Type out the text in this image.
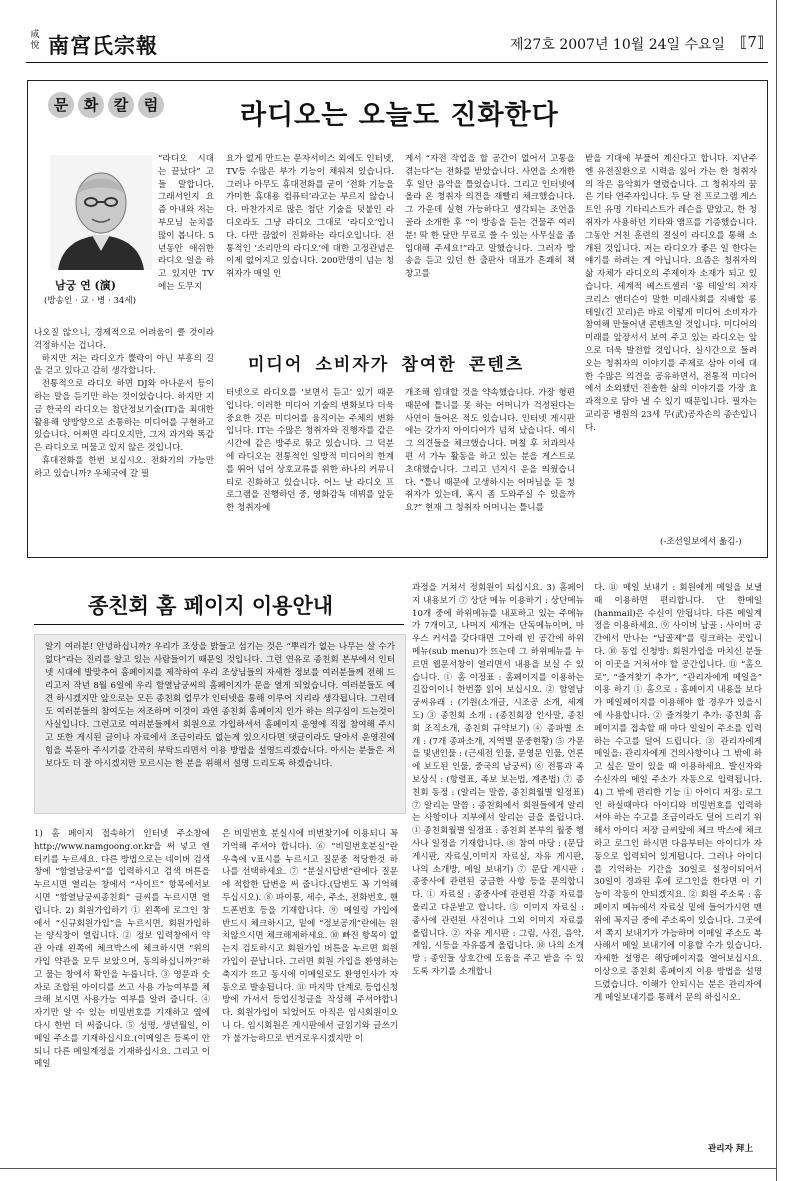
咸
悅 南宮氏宗報	제27호 2007년 10월 24일 수요일 ⟦7⟧
문 화 칼 럼	라디오는 오늘도 진화한다
남궁 연 (演)
(방송인 · 교 · 병 · 34세)

“라디오 시대는 끝났다” 고들 말합니다. 그래서인지 요즘 아내와 저는 부모님 눈치를 많이 봅니다. 5년동안 애쉬한 라디오 일을 하고 있지만 TV에는 도무지

나오질 않으니, 경제적으로 어려움이 클 것이라 걱정하시는 겁니다.

하지만 저는 라디오가 뿔락이 아닌 부흥의 길을 걷고 있다고 감히 생각합니다.

전통적으로 라디오 하면 DJ와 아나운서 등이 하는 말을 듣기만 하는 것이었습니다. 하지만 지금 한국의 라디오는 첨단정보기술(IT)을 최대한 활용해 양방향으로 소통하는 미디어를 구현하고 있습니다. 어쩌면 라디오지만, 그저 과거와 똑같은 라디오로 머물고 있지 않은 것입니다.

휴대전화를 한번 보십시오. 전화기의 가능만 하고 있습니까? 우체국에 갈 필

요가 없게 만드는 문자서비스 외에도 인터넷, TV등 수많은 부가 기능이 채워져 있습니다. 그러나 아무도 휴대전화를 굳이 ‘전화 기능을 가미한 휴대용 컴퓨터’라고는 부르지 않습니다. 마찬가지로 많은 첨단 기술을 덧붙인 라디오라도 그냥 라디오 그대로 ‘라디오’입니다. 다만 끊없이 진화하는 라디오입니다. 전통적인 ‘소리만의 라디오’에 대한 고정관념은 이제 없어지고 있습니다. 200만명이 넘는 청취자가 매일 인

게서 “자전 작업을 할 공간이 없어서 고통을 겪는다”는 전화를 받았습니다. 사연을 소개한 후 일단 음악을 틀었습니다. 그리고 인터넷에 올라 온 청취자 의견을 재빨리 체크했습니다. 그 가운데 실현 가능하다고 생각되는 조언을 골라 소개한 후 “이 방송을 듣는 건물주 여러분! 딱 한 달만 무료로 쓸 수 있는 사무실을 좀 임대해 주세요!”라고 말했습니다. 그러자 방송을 듣고 있던 한 출판사 대표가 흔쾌히 책 창고를

미디어 소비자가 참여한 콘텐츠

터넷으로 라디오를 ‘보면서 듣고’ 있기 때문입니다. 이러한 미디어 기술의 변화보다 더욱 중요한 것은 미디어를 움직이는 주체의 변화입니다. IT는 수많은 청취자와 진행자를 같은 시간에 같은 방주로 묶고 있습니다. 그 덕분에 라디오는 전통적인 일방적 미디어의 한계를 뛰어 넘어 상호교류를 위한 하나의 커뮤니티로 진화하고 있습니다. 어느 날 라디오 프로그램을 진행하던 중, 영화감독 데뷔를 앞둔 한 청취자에

개조해 임대할 것을 약속했습니다. 가장 형편 때문에 틀니를 못 하는 어머니가 걱정된다는 사연이 들어온 적도 있습니다. 인터넷 게시판에는 갖가지 아이디어가 넘쳐 났습니다. 예시 그 의견들을 체크했습니다. 며칠 후 치과의사편 서 가누 활동을 하고 있는 분을 게스트로 초대했습니다. 그리고 넌지시 운을 띄웠습니다. “틀니 때문에 고생하시는 어머님을 둔 청취자가 있는데, 혹시 좀 도와주실 수 있을까요?” 현재 그 청취자 어머니는 틀니를

받을 기대에 부풀어 계신다고 합니다. 지난주엔 유전질환으로 시력을 잃어 가는 한 청취자의 작은 음악회가 열렸습니다. 그 청취자의 꿈은 기타 연주자입니다. 두 달 전 프로그램 게스트인 유명 기타리스트가 레슨을 맡았고, 한 청취자가 사용하던 기타와 앰프를 기증했습니다. 그동안 거친 훈련의 결실이 라디오를 통해 소개된 것입니다. 저는 라디오가 좋은 일 한다는 얘기를 하려는 게 아닙니다. 요즘은 청취자의 삶 자체가 라디오의 주제이자 소재가 되고 있습니다. 세계적 베스트셀러 ‘롱 테일’의 저자 크리스 앤더슨이 말한 미래사회를 지배할 롱 테일(긴 꼬리)은 바로 이렇게 미디어 소비자가 참여해 만들어낸 콘텐츠일 것입니다. 미디어의 미래를 앞장서서 보여 주고 있는 라디오는 앞으로 더욱 발전할 것입니다. 실시간으로 들려오는 청취자의 이야기를 주제로 삼아 이에 대한 수많은 의견을 공유하면서, 전통적 미디어에서 소외됐던 진솔한 삶의 이야기를 가장 효과적으로 담아 낼 수 있기 때문입니다. 필자는 교리공 병원의 23세 무(武)공자손의 종손입니다.

(-조선일보에서 옮김-)
종친회 홈 페이지 이용안내

알기 여러분! 안녕하십니까? 우리가 조상을 밝들고 섬기는 것은 “뿌리가 없는 나무는 살 수가 없다”라는 진리를 알고 있는 사람들이기 때문일 것입니다. 그런 연유로 종친회 본부에서 인터넷 시대에 발맞추어 홈페이지를 제작하여 우리 조상님들의 자세한 정보를 여러분들께 전해 드리고저 작년 8월 6일에 우리 함열남궁씨의 홈페이지가 문을 열게 되었습니다. 여러분들도 예견 하시겠지만 앞으로는 모든 종친회 업무가 인터넷을 통해 이루어 지리라 생각됩니다. 그런데도 여러분들의 참여도는 저조하며 이것이 과연 종친회 홈페이지 인가 하는 의구심이 드는것이 사실입니다. 그런고로 여러분들께서 회원으로 가입하셔서 홈페이지 운영에 직접 참여해 주시고 또한 게시된 글이나 자료에서 조금이라도 없는게 있으시다면 댓글이라도 달아서 운영진에 힘을 북돋아 주시기를 간곡히 부탁드리면서 이용 방법을 설명드리겠습니다. 아시는 분들은 저보다도 더 잘 아시겠지만 모르시는 한 분을 위해서 설명 드리도록 하겠습니다.

1) 홈 페이지 접속하기 인터넷 주소창에 http://www.namgoong.or.kr을 써 넣고 엔터키를 누르세요. 다른 방법으로는 네이버 검색창에 “함열남궁씨”를 입력하시고 검색 버튼을 누르시면 열리는 창에서 “사이트” 항목에서보시면 “함열남궁씨종친회” 글씨를 누르시면 열립니다. 2) 회원가입하기 ① 왼쪽에 로그인 창에서 “신규회원가입”을 누르시면, 회원가입하는 양식창이 열립니다. ② 정보 입력창에서 약관 아래 왼쪽에 체크박스에 체크하시면 “위의 가입 약관을 모두 보았으며, 동의하십니까?”하고 물는 창에서 확인을 누릅니다. ③ 영문과 숫자로 조합된 아이디를 쓰고 사용 가능여부를 체크해 보시면 사용가능 여부를 알려 줍니다. ④ 자기만 알 수 있는 비밀번호를 기재하고 옆에 다시 한번 더 써줍니다. ⑤ 성명, 생년월일, 이메일 주소를 기재하십시요.(이메일은 등록이 안되니 다른 메일계정을 기재하십시요. 그리고 이메일

은 비밀번호 분실시에 비번찾기에 이용되니 꼭 기억해 주셔야 합니다). ⑥ “비밀번호분실”란 우측에 v표시를 누르시고 질문중 적당한것 하나를 선택하세요. ⑦ “분실시답변”란에다 질문에 적합한 답변을 써 줍니다.(답변도 꼭 기억해 두십시오). ⑧ 파이통, 세수, 주소, 전화번호, 핸드폰번호 등을 기재합니다. ⑨ 메일링 가입에 반드시 체크하시고, 밑에 “정보공개”란에는 원치않으시면 체크해제하세요. ⑩ 빠진 항목이 없는지 검토하시고 회원가입 버튼을 누르면 회원가입이 끝납니다. 그러면 회원 가입을 환영하는 축지가 뜨고 동시에 이메일로도 환영인사가 자동으로 발송됩니다. ⑪ 마지막 단계로 등업신청방에 가셔서 등업신청글을 작성해 주셔야합니다. 회원가입이 되었어도 아직은 임시회원이오니 다. 임시회원은 게시판에서 글읽기와 글쓰기가 불가능하므로 번거로우시겠지만 이

과정을 거쳐서 정회원이 되십시요. 3) 홈페이지 내용보기 ⑦ 상단 메뉴 이용하기 : 상단메뉴 10개 중에 하위메뉴를 내포하고 있는 주메뉴가 7개이고, 나머지 세개는 단독메뉴이며, 마우스 커서를 갖다대면 그아래 빈 공간에 하위메뉴(sub menu)가 뜨는데 그 하위메뉴를 누르면 웹문서창이 열리면서 내용을 보실 수 있습니다. ① 홈 이정표 : 홈페이지를 이용하는 길잡이이니 한번쯤 읽어 보십시오. ② 함열남궁씨유래 : (기원(소개글, 시조공 소개, 세계도) ③ 종친회 소개 : (종친회장 인사말, 종친회 조직소개, 종친회 규약보기) ④ 종파별 소개 : (7개 종파소개, 지역별 문중현황) ⑤ 가문을 빛낸인물 : (근세전 인물, 문영문 인물, 언론에 보도된 인물, 중국의 남궁씨) ⑥ 전통과 족보상식 : (항렬표, 족보 보는법, 계촌법) ⑦ 종친회 동정 : (알리는 말씀, 종친회월별 일정표) ⑦ 알리는 말씀 : 종친회에서 회원들에게 알리는 사항이나 지부에서 알리는 글을 올립니다. ① 종친회월별 일정표 : 종친회 본부의 월중 행사나 일정을 기재합니다. ⑧ 참여 마당 : (문답 게시판, 자료실,이미지 자료실, 자유 게시판, 나의 소개방, 메일 보내기) ⑦ 문답 게시판 : 종중사에 관련된 궁금한 사항 등을 문의합니다. ① 자료실 : 종중사에 관련된 각종 자료를 올리고 다운받고 합니다. ⑤ 이미지 자료실 : 종사에 관련된 사진이나 그외 이미지 자료를 올립니다. ② 자유 게시판 : 그림, 사진, 음악, 게임, 시등을 자유롭게 올립니다. ⑩ 나의 소개방 : 종인들 상호간에 도움을 주고 받을 수 있도록 자기를 소개합니

다. ⑪ 메일 보내기 : 회원에게 메일을 보낼 때 이용하면 편리합니다. 단 한메일(hanmail)은 수신이 안됩니다. 다른 메일계정을 이용하세요. ⑨ 사이버 납골 : 사이버 공간에서 만나는 “납골제”를 링크하는 곳입니다. ⑩ 동업 신청방: 회원가입을 마치신 분들이 이곳을 거처셔야 할 공간입니다. ⑪ “홈으로”, “즐겨찾기 추가”, “관리자에게 메일을” 이용 하기 ① 홈으로 : 홈페이지 내용을 보다가 메일페이지를 이용해야 할 경우가 있을시에 사용합니다. ② 즐겨찾기 추가: 종친회 홈페이지를 접속할 때 마다 일일이 주소를 입력하는 수고를 덜어 드립니다. ③ 관리자에게 메일을: 관리자에게 건의사항이나 그 밖에 하고 싶은 말이 있을 때 이용하세요. 발신자와 수신자의 메일 주소가 자동으로 입력됩니다. 4) 그 밖에 편리한 기능 ① 아이디 저장: 로그인 하실때마다 아이디와 비밀번호를 입력하셔야 하는 수고를 조금이라도 덜어 드리기 위해서 아이디 저장 글씨앞에 체크 박스에 체크 하고 로그인 하시면 다음부터는 아이디가 자동으로 입력되어 있게됩니다. 그러나 아이디를 기억하는 기간을 30일로 설정이되어서 30일이 경과된 후에 로그인을 한다면 이 기능이 작동이 안되겠지요. ② 회원 주소록 : 홈 페이지 메뉴에서 자료실 밑에 들어가시면 맨 위에 꼭지글 중에 주소록이 있습니다. 그곳에서 쪽지 보내기가 가능하며 이메일 주소도 복사해서 메일 보내기에 이용할 수가 있습니다. 자세한 설명은 해당페이지를 열어보십시요. 이상으로 종친회 홈페이지 이용 방법을 설명드렸습니다. 이해가 안되시는 분은 관리자에게 메일보내기를 통해서 문의 하십시오.

관리자 拜上
